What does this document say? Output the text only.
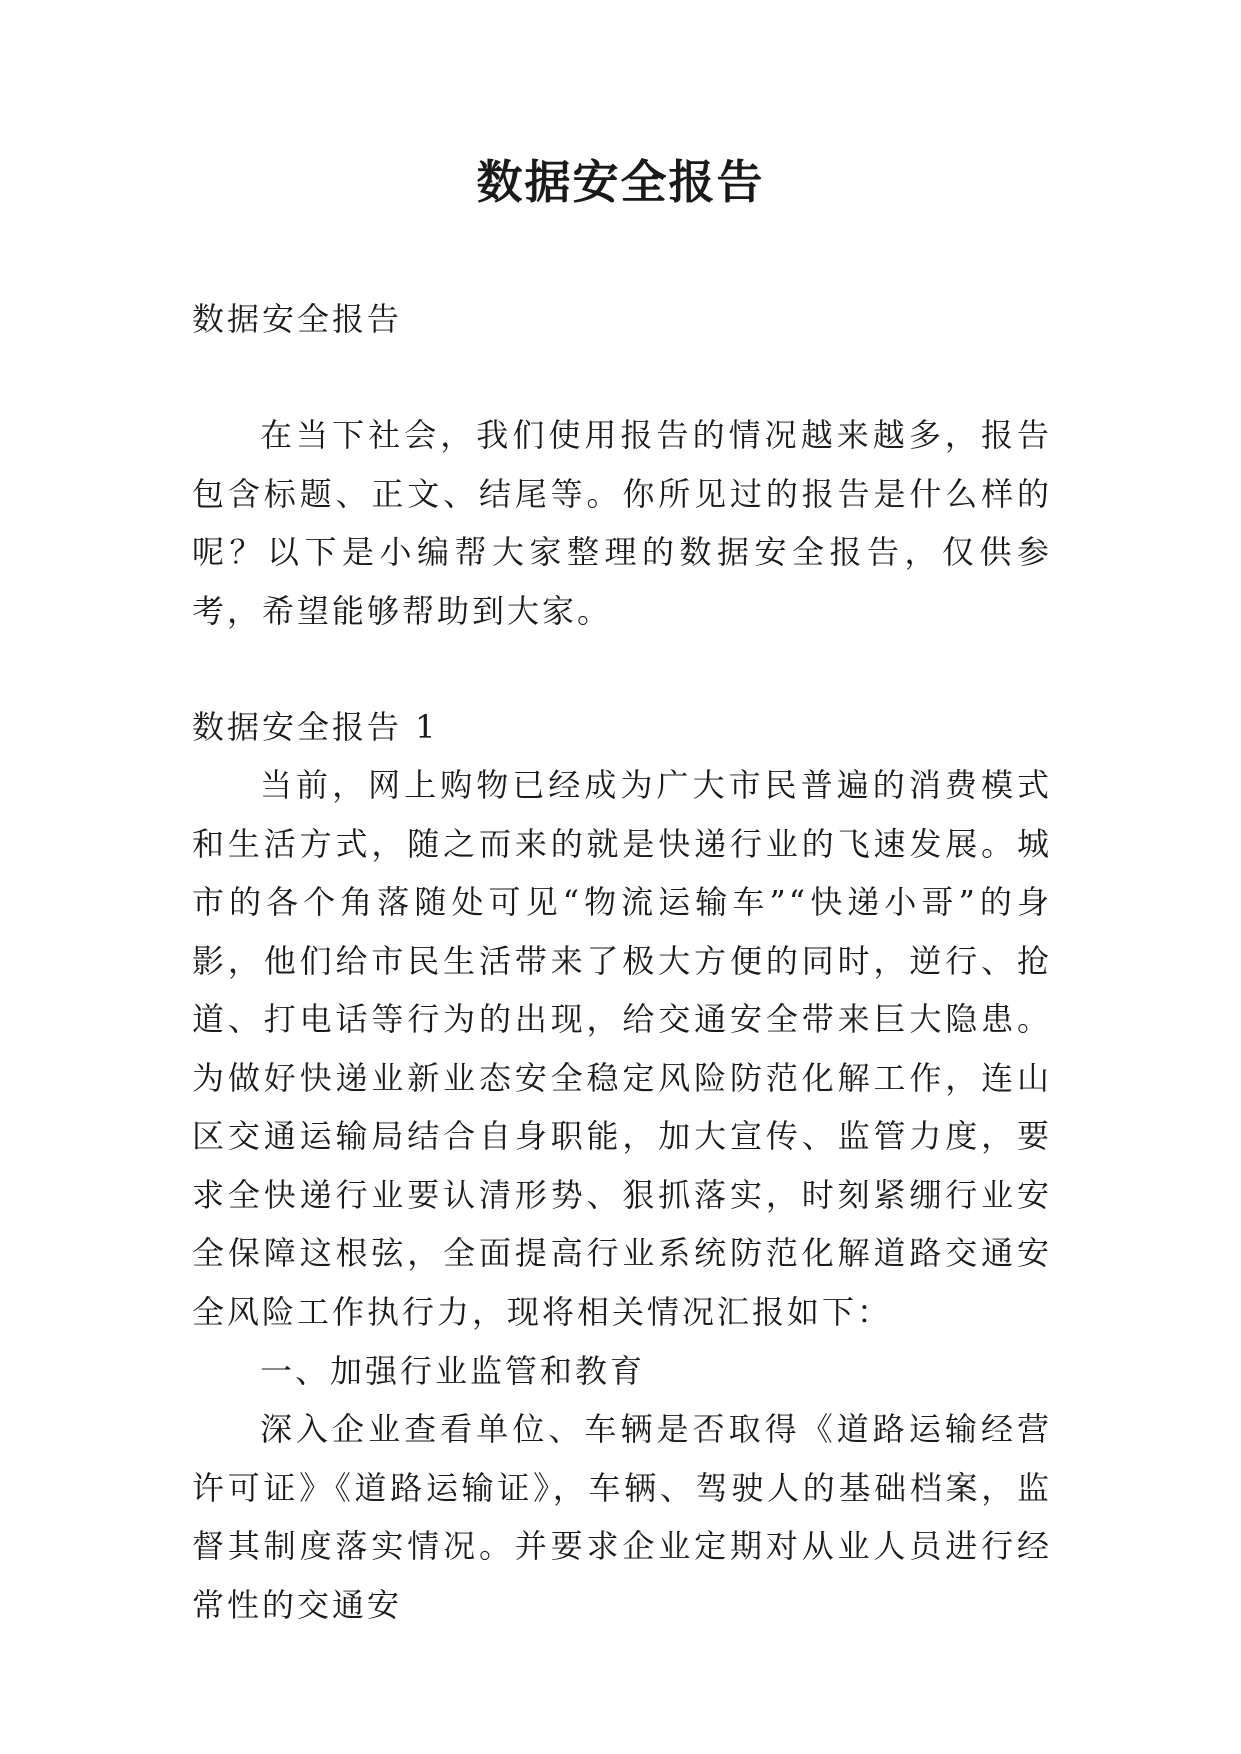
数据安全报告

数据安全报告

在当下社会，我们使用报告的情况越来越多，报告包含标题、正文、结尾等。你所见过的报告是什么样的呢？以下是小编帮大家整理的数据安全报告，仅供参考，希望能够帮助到大家。

数据安全报告 1

当前，网上购物已经成为广大市民普遍的消费模式和生活方式，随之而来的就是快递行业的飞速发展。城市的各个角落随处可见“物流运输车”“快递小哥”的身影，他们给市民生活带来了极大方便的同时，逆行、抢道、打电话等行为的出现，给交通安全带来巨大隐患。为做好快递业新业态安全稳定风险防范化解工作，连山区交通运输局结合自身职能，加大宣传、监管力度，要求全快递行业要认清形势、狠抓落实，时刻紧绷行业安全保障这根弦，全面提高行业系统防范化解道路交通安全风险工作执行力，现将相关情况汇报如下：

一、加强行业监管和教育

深入企业查看单位、车辆是否取得《道路运输经营许可证》《道路运输证》，车辆、驾驶人的基础档案，监督其制度落实情况。并要求企业定期对从业人员进行经常性的交通安
